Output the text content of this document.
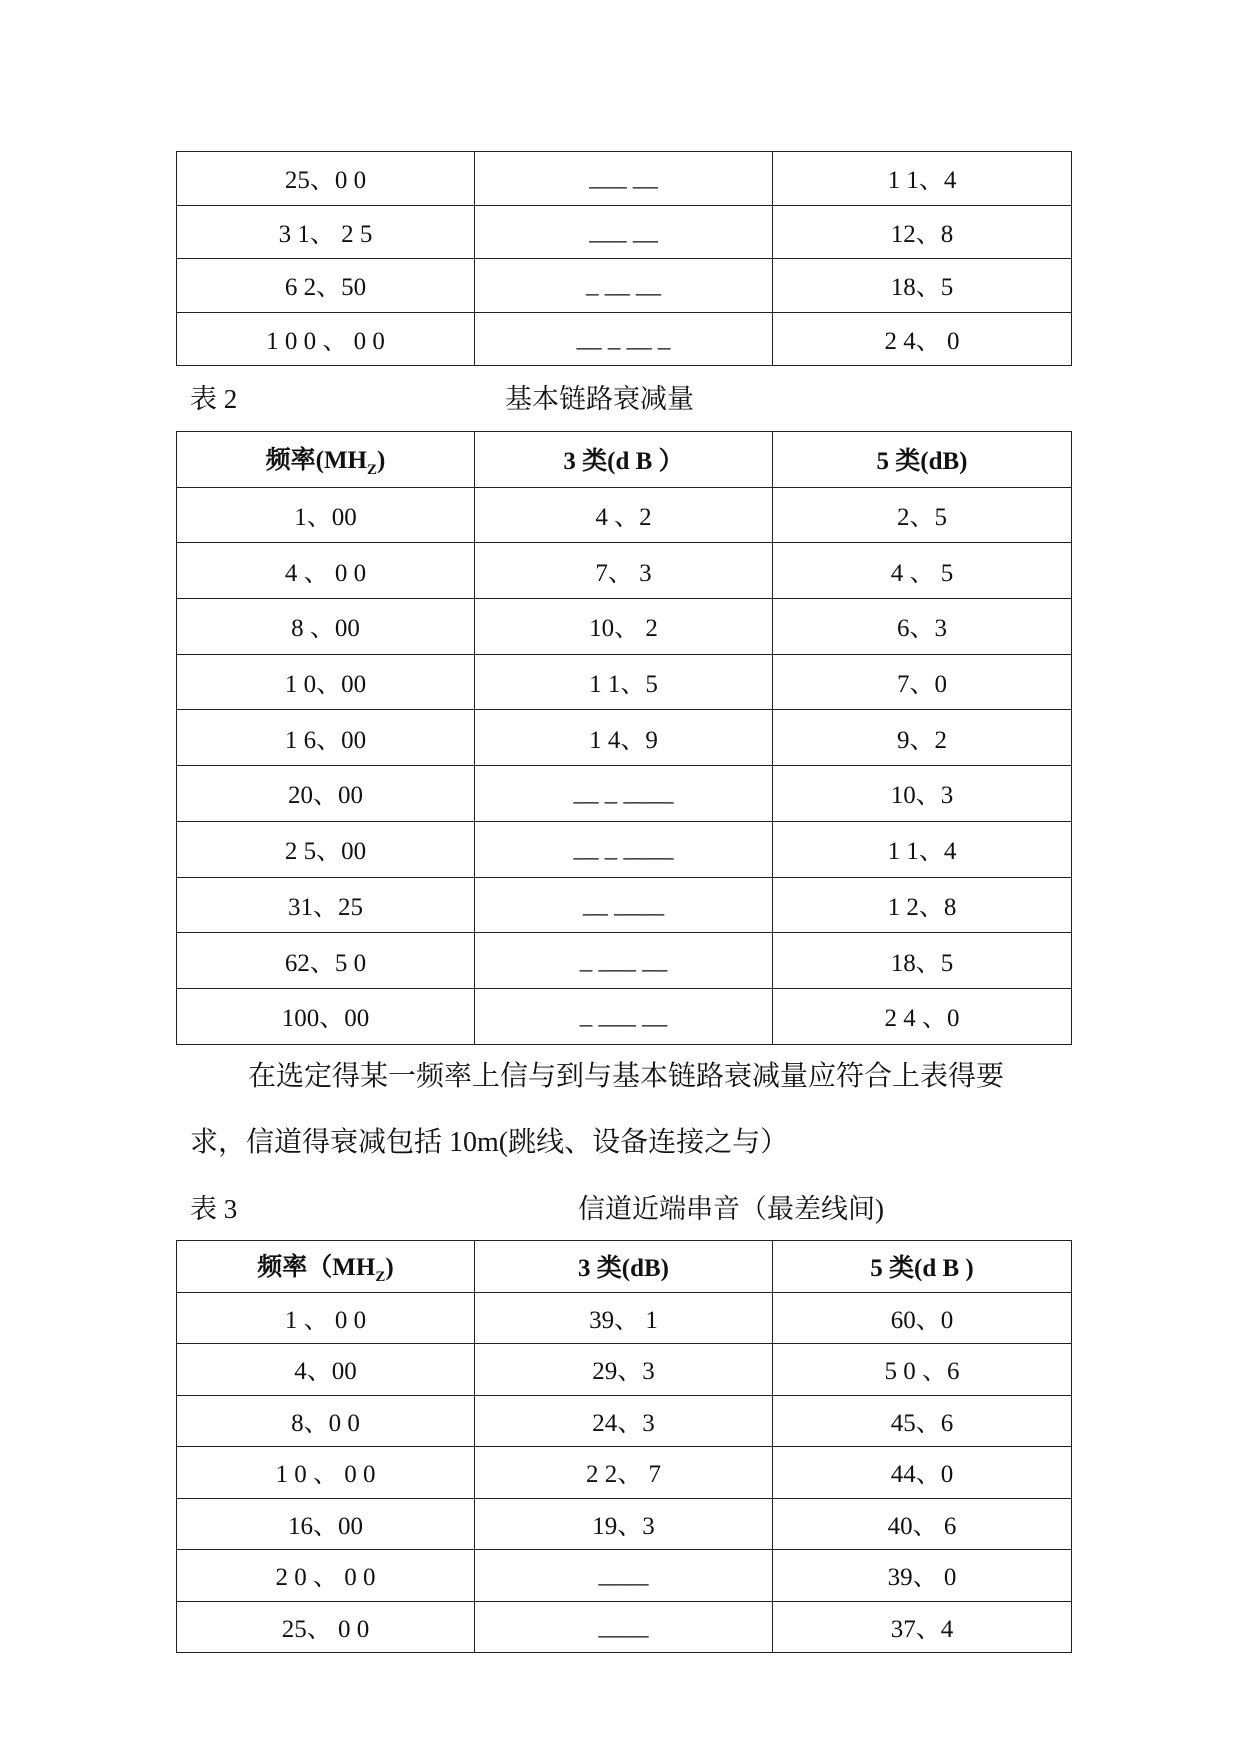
25、0 0	___ __	1 1、4
3 1、 2 5	___ __	12、8
6 2、50	_ __ __	18、5
1 0 0 、 0 0	__ _ __ _	2 4、 0
表 2	基本链路衰减量
频率$(MH_Z)$	3 类(d B ）	5 类(dB)
1、00	4 、2	2、5
4 、 0 0	7、 3	4 、 5
8 、00	10、 2	6、3
1 0、00	1 1、5	7、0
1 6、00	1 4、9	9、2
20、00	__ _ ____	10、3
2 5、00	__ _ ____	1 1、4
31、25	__ ____	1 2、8
62、5 0	_ ___ __	18、5
100、00	_ ___ __	2 4 、0
在选定得某一频率上信与到与基本链路衰减量应符合上表得要
求，信道得衰减包括 10m(跳线、设备连接之与）
表 3	信道近端串音（最差线间)
频率$(MH_Z)$	3 类(dB)	5 类(d B )
1 、 0 0	39、 1	60、0
4、00	29、3	5 0 、6
8、0 0	24、3	45、6
1 0 、 0 0	2 2、 7	44、0
16、00	19、3	40、 6
2 0 、 0 0	____	39、 0
25、 0 0	____	37、4
